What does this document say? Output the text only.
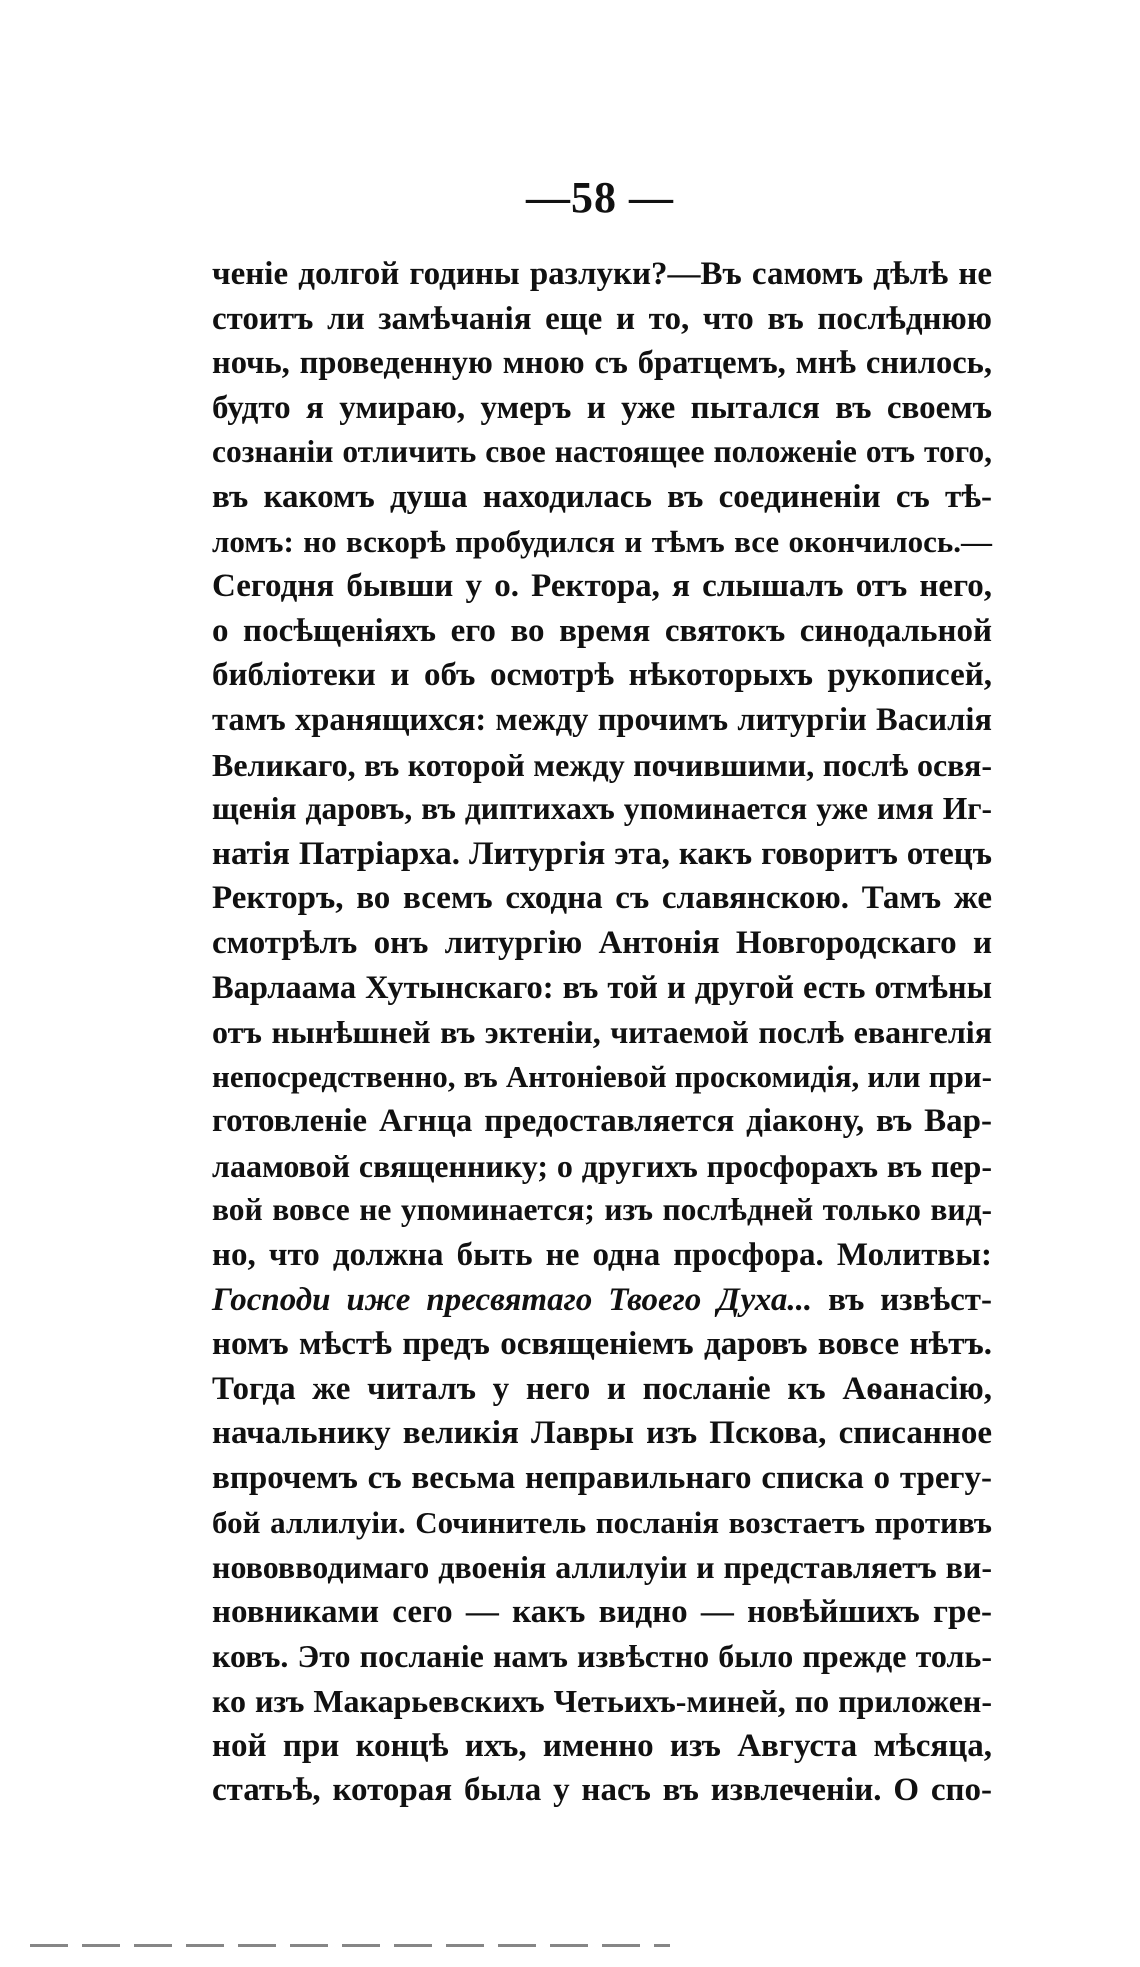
—58 —
ченіе долгой годины разлуки?—Въ самомъ дѣлѣ не
стоитъ ли замѣчанія еще и то, что въ послѣднюю
ночь, проведенную мною съ братцемъ, мнѣ снилось,
будто я умираю, умеръ и уже пытался въ своемъ
сознаніи отличить свое настоящее положеніе отъ того,
въ какомъ душа находилась въ соединеніи съ тѣ-
ломъ: но вскорѣ пробудился и тѣмъ все окончилось.—
Сегодня бывши у о. Ректора, я слышалъ отъ него,
о посѣщеніяхъ его во время святокъ синодальной
библіотеки и объ осмотрѣ нѣкоторыхъ рукописей,
тамъ хранящихся: между прочимъ литургіи Василія
Великаго, въ которой между почившими, послѣ освя-
щенія даровъ, въ диптихахъ упоминается уже имя Иг-
натія Патріарха. Литургія эта, какъ говоритъ отецъ
Ректоръ, во всемъ сходна съ славянскою. Тамъ же
смотрѣлъ онъ литургію Антонія Новгородскаго и
Варлаама Хутынскаго: въ той и другой есть отмѣны
отъ нынѣшней въ эктеніи, читаемой послѣ евангелія
непосредственно, въ Антоніевой проскомидія, или при-
готовленіе Агнца предоставляется діакону, въ Вар-
лаамовой священнику; о другихъ просфорахъ въ пер-
вой вовсе не упоминается; изъ послѣдней только вид-
но, что должна быть не одна просфора. Молитвы:
Господи иже пресвятаго Твоего Духа... въ извѣст-
номъ мѣстѣ предъ освященіемъ даровъ вовсе нѣтъ.
Тогда же читалъ у него и посланіе къ Аѳанасію,
начальнику великія Лавры изъ Пскова, списанное
впрочемъ съ весьма неправильнаго списка о трегу-
бой аллилуіи. Сочинитель посланія возстаетъ противъ
нововводимаго двоенія аллилуіи и представляетъ ви-
новниками сего — какъ видно — новѣйшихъ гре-
ковъ. Это посланіе намъ извѣстно было прежде толь-
ко изъ Макарьевскихъ Четьихъ-миней, по приложен-
ной при концѣ ихъ, именно изъ Августа мѣсяца,
статьѣ, которая была у насъ въ извлеченіи. О спо-
